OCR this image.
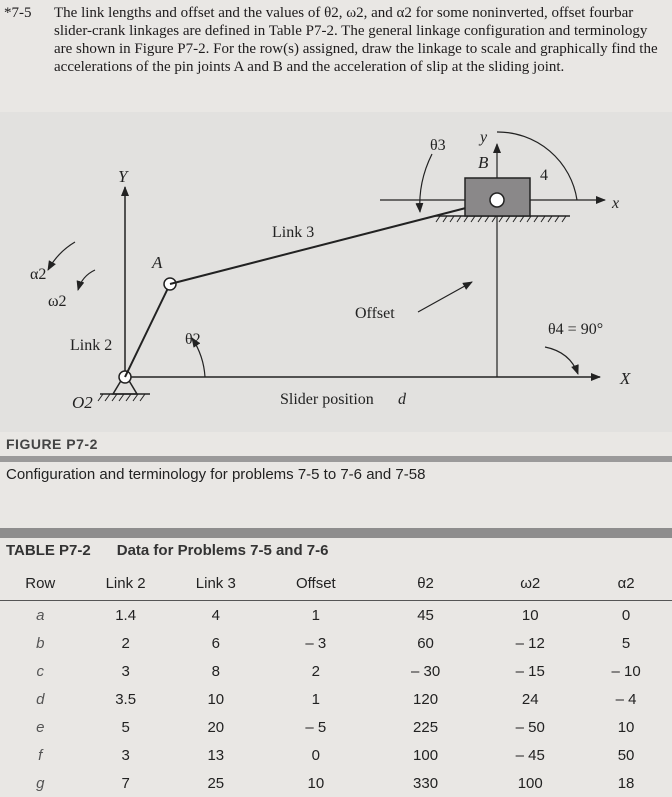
*7-5 The link lengths and offset and the values of θ2, ω2, and α2 for some noninverted, offset fourbar slider-crank linkages are defined in Table P7-2. The general linkage configuration and terminology are shown in Figure P7-2. For the row(s) assigned, draw the linkage to scale and graphically find the accelerations of the pin joints A and B and the acceleration of slip at the sliding joint.
Y
X
O2
A
Link 2	θ2
α2
ω2
Link 3
x
y
B
4
θ3
Offset
θ4 = 90°
Slider position d
FIGURE P7-2
Configuration and terminology for problems 7-5 to 7-6 and 7-58
TABLE P7-2 Data for Problems 7-5 and 7-6
Row	Link 2	Link 3	Offset	θ2	ω2	α2
a	1.4	4	1	45	10	0
b	2	6	– 3	60	– 12	5
c	3	8	2	– 30	– 15	– 10
d	3.5	10	1	120	24	– 4
e	5	20	– 5	225	– 50	10
f	3	13	0	100	– 45	50
g	7	25	10	330	100	18
